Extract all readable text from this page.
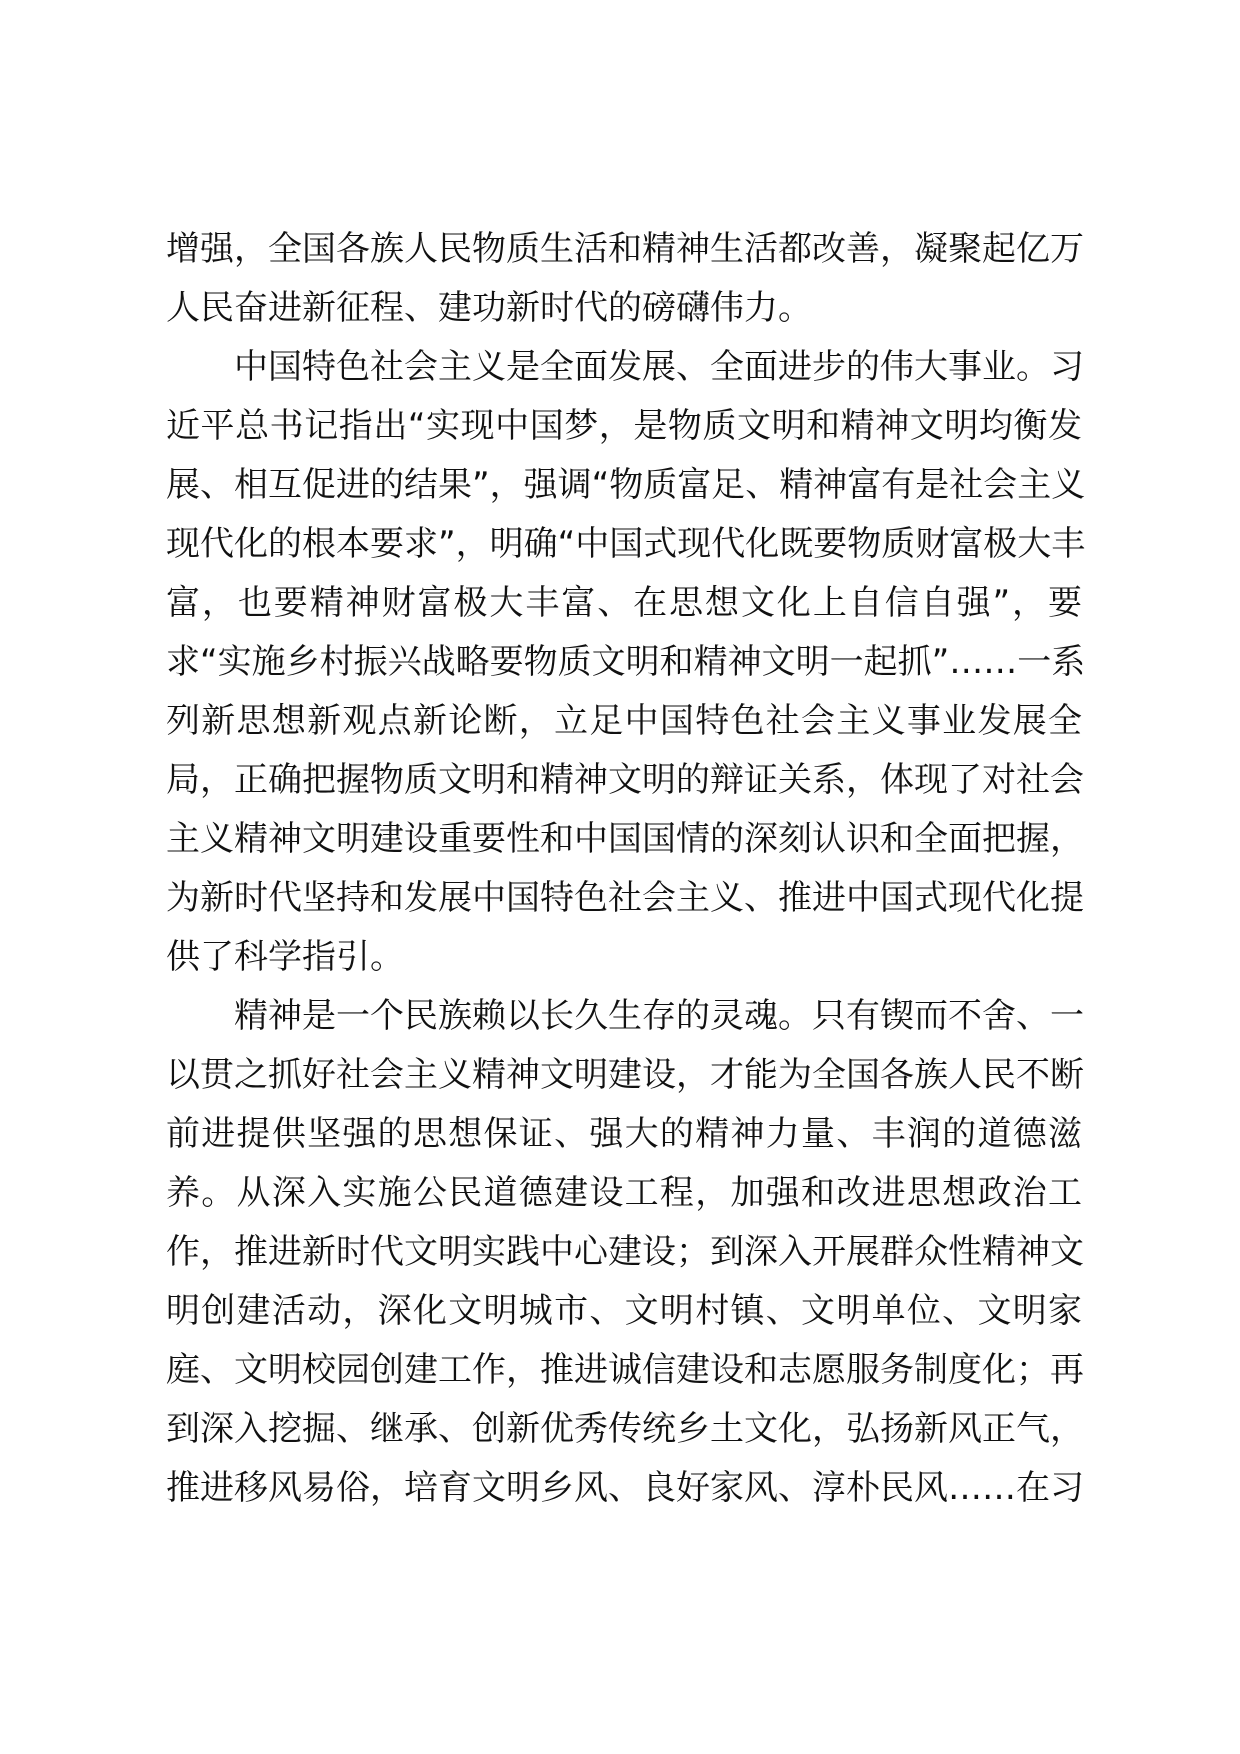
增强，全国各族人民物质生活和精神生活都改善，凝聚起亿万
人民奋进新征程、建功新时代的磅礴伟力。
　　中国特色社会主义是全面发展、全面进步的伟大事业。习
近平总书记指出“实现中国梦，是物质文明和精神文明均衡发
展、相互促进的结果”，强调“物质富足、精神富有是社会主义
现代化的根本要求”，明确“中国式现代化既要物质财富极大丰
富，也要精神财富极大丰富、在思想文化上自信自强”，要
求“实施乡村振兴战略要物质文明和精神文明一起抓”……一系
列新思想新观点新论断，立足中国特色社会主义事业发展全
局，正确把握物质文明和精神文明的辩证关系，体现了对社会
主义精神文明建设重要性和中国国情的深刻认识和全面把握，
为新时代坚持和发展中国特色社会主义、推进中国式现代化提
供了科学指引。
　　精神是一个民族赖以长久生存的灵魂。只有锲而不舍、一
以贯之抓好社会主义精神文明建设，才能为全国各族人民不断
前进提供坚强的思想保证、强大的精神力量、丰润的道德滋
养。从深入实施公民道德建设工程，加强和改进思想政治工
作，推进新时代文明实践中心建设；到深入开展群众性精神文
明创建活动，深化文明城市、文明村镇、文明单位、文明家
庭、文明校园创建工作，推进诚信建设和志愿服务制度化；再
到深入挖掘、继承、创新优秀传统乡土文化，弘扬新风正气，
推进移风易俗，培育文明乡风、良好家风、淳朴民风……在习
